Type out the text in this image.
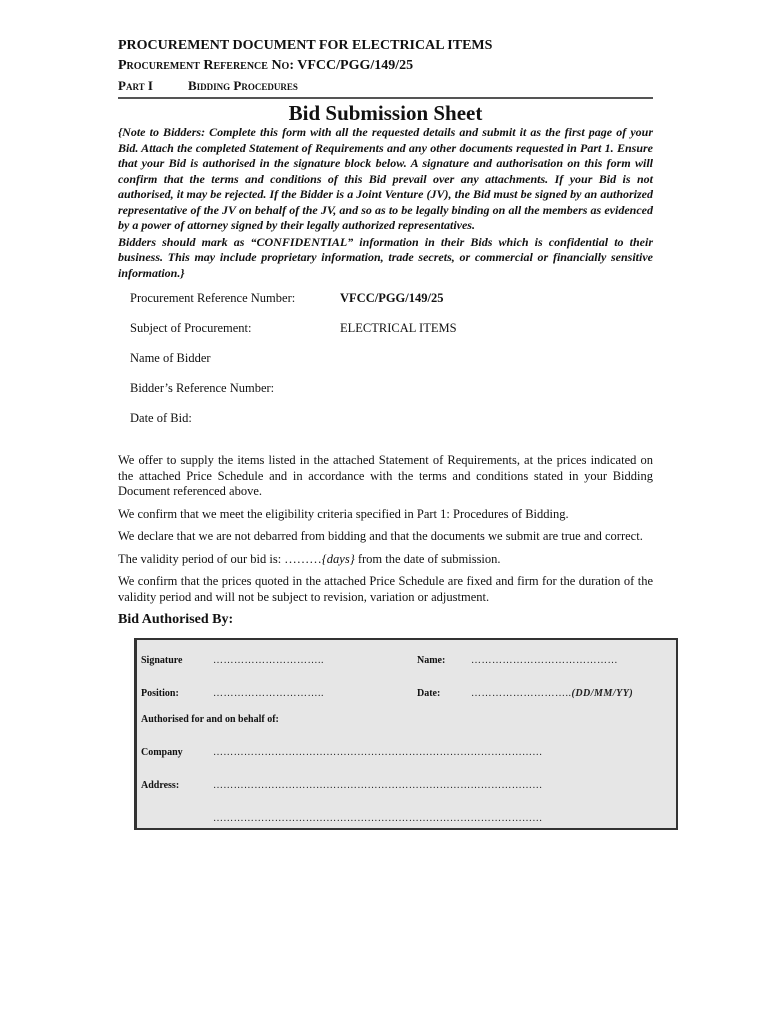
PROCUREMENT DOCUMENT FOR ELECTRICAL ITEMS
Procurement Reference No: VFCC/PGG/149/25
Part I	Bidding Procedures
Bid Submission Sheet

{Note to Bidders: Complete this form with all the requested details and submit it as the first page of your Bid. Attach the completed Statement of Requirements and any other documents requested in Part 1. Ensure that your Bid is authorised in the signature block below. A signature and authorisation on this form will confirm that the terms and conditions of this Bid prevail over any attachments. If your Bid is not authorised, it may be rejected. If the Bidder is a Joint Venture (JV), the Bid must be signed by an authorized representative of the JV on behalf of the JV, and so as to be legally binding on all the members as evidenced by a power of attorney signed by their legally authorized representatives.

Bidders should mark as “CONFIDENTIAL” information in their Bids which is confidential to their business. This may include proprietary information, trade secrets, or commercial or financially sensitive information.}

Procurement Reference Number:	VFCC/PGG/149/25
Subject of Procurement:	ELECTRICAL ITEMS
Name of Bidder
Bidder’s Reference Number:
Date of Bid:

We offer to supply the items listed in the attached Statement of Requirements, at the prices indicated on the attached Price Schedule and in accordance with the terms and conditions stated in your Bidding Document referenced above.

We confirm that we meet the eligibility criteria specified in Part 1: Procedures of Bidding.

We declare that we are not debarred from bidding and that the documents we submit are true and correct.

The validity period of our bid is: ………{days} from the date of submission.

We confirm that the prices quoted in the attached Price Schedule are fixed and firm for the duration of the validity period and will not be subject to revision, variation or adjustment.

Bid Authorised By:
Signature	…………………………..	Name:	……………………………………
Position:	…………………………..	Date:	………………………..(DD/MM/YY)
Authorised for and on behalf of:
Company	……………………………………………………………………………………
Address:	……………………………………………………………………………………
……………………………………………………………………………………
